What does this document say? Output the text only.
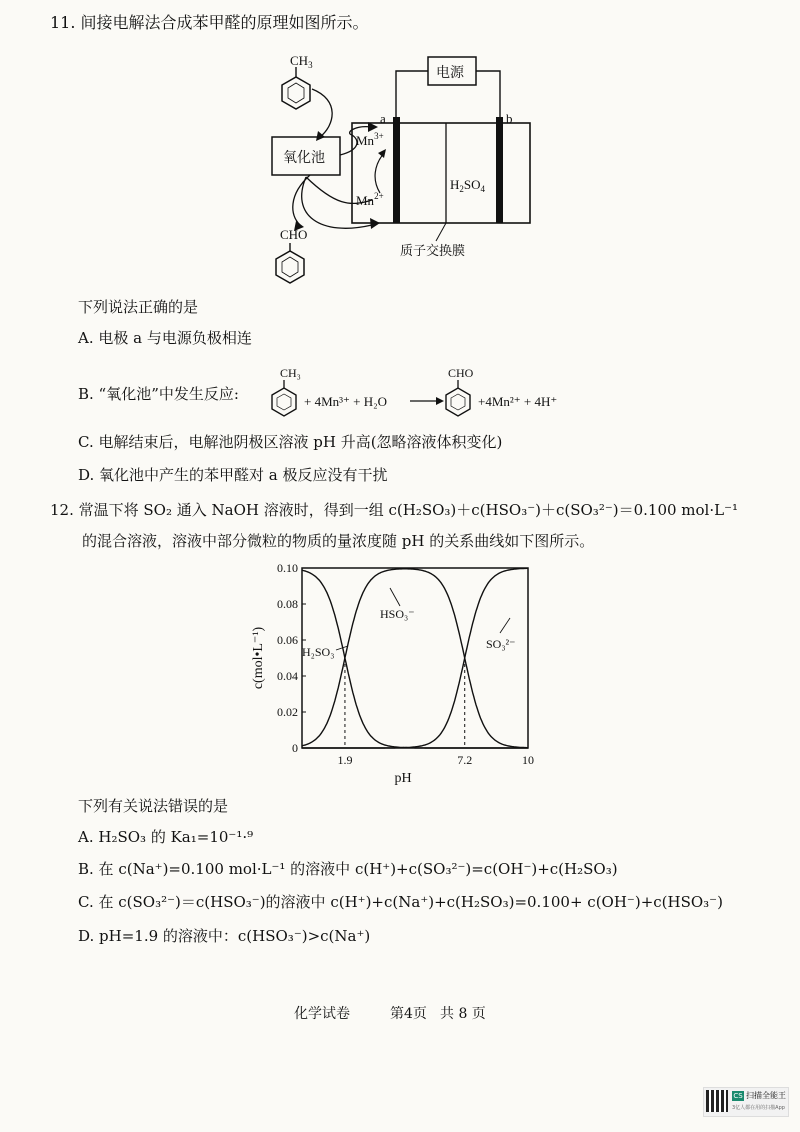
11. 间接电解法合成苯甲醛的原理如图所示。
$CH_3$
氧化池
CHO
a	b
电源
$Mn^{3+}$
$Mn^{2+}$
$H_2SO_4$
质子交换膜
下列说法正确的是
A. 电极 a 与电源负极相连
B. “氧化池”中发生反应:
CH₃
+ 4Mn³⁺ + H₂O
CHO
+4Mn²⁺ + 4H⁺
C. 电解结束后，电解池阴极区溶液 pH 升高(忽略溶液体积变化)
D. 氧化池中产生的苯甲醛对 a 极反应没有干扰
12. 常温下将 SO₂ 通入 NaOH 溶液时，得到一组 c(H₂SO₃)＋c(HSO₃⁻)＋c(SO₃²⁻)＝0.100 mol·L⁻¹
的混合溶液，溶液中部分微粒的物质的量浓度随 pH 的关系曲线如下图所示。
0
0.02
0.04
0.06
0.08
0.10
1.9	7.2	10
pH
c(mol•L⁻¹)	H₂SO₃
HSO₃⁻
SO₃²⁻
下列有关说法错误的是
A. H₂SO₃ 的 Ka₁=10⁻¹·⁹
B. 在 c(Na⁺)=0.100 mol·L⁻¹ 的溶液中 c(H⁺)+c(SO₃²⁻)=c(OH⁻)+c(H₂SO₃)
C. 在 c(SO₃²⁻)＝c(HSO₃⁻)的溶液中 c(H⁺)+c(Na⁺)+c(H₂SO₃)=0.100+ c(OH⁻)+c(HSO₃⁻)
D. pH=1.9 的溶液中：c(HSO₃⁻)>c(Na⁺)
化学试卷	第4页 共 8 页
CS 扫描全能王
3亿人都在用的扫描App
